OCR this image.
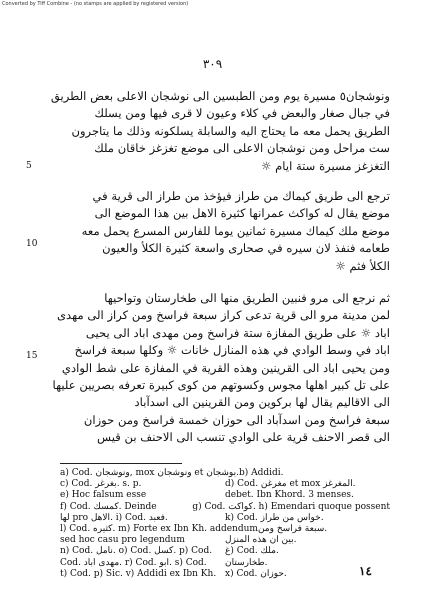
Converted by Tiff Combine - (no stamps are applied by registered version)
٣٠٩
ونوشجان٥ مسيرة يوم ومن الطبسين الى نوشجان الاعلى بعض الطريق
في جبال صغار والبعض في كلاء وعيون لا قرى فيها ومن يسلك
الطريق يحمل معه ما يحتاج اليه والسابلة يسلكونه وذلك ما يتاجرون
ست مراحل ومن نوشجان الاعلى الى موضع تغزغز خاقان ملك
التغزغز مسيرة ستة ايام ☼
5
ترجع الى طريق كيماك من طراز فيؤخذ من طراز الى قرية في
موضع يقال له كواكث عمرانها كثيرة الاهل بين هذا الموضع الى
موضع ملك كيماك مسيرة ثمانين يوما للفارس المسرع يحمل معه
طعامه فنفذ لان سيره في صحارى واسعة كثيرة الكلأ والعيون
الكلأ فثم ☼
10
ثم نرجع الى مرو فنبين الطريق منها الى طخارستان وتواحيها
لمن مدينة مرو الى قرية تدعى كراز سبعة فراسخ ومن كراز الى مهدى
اباد ☼ على طريق المفازة ستة فراسخ ومن مهدى اباد الى يحيى
اباد في وسط الوادي في هذه المنازل خانات ☼ وكلها سبعة فراسخ
ومن يحيى اباد الى القرينين وهذه القرية في المفازة على شط الوادي
على تل كبير اهلها مجوس وكسوتهم من كوى كبيرة تعرفه بصريين عليها
الى الاقاليم يقال لها بركوين ومن القرينين الى اسدآباد
سبعة فراسخ ومن اسدآباد الى حوزان خمسة فراسخ ومن حوزان
الى قصر الاحنف قرية على الوادي تنسب الى الاحنف بن قيس
15
a) Cod. ونوشجان, mox ونوشجان et بوشجان. b) Addidi.
c) Cod. بغرغر. s. p.	d) Cod. مغرغن et mox المغرغز.
e) Hoc falsum esse	debet. Ibn Khord. 3 menses.
f) Cod. كمسك. Deinde	g) Cod. كواكت. h) Emendari quoque possent
لها pro الاهل. i) Cod. فعبد.	k) Cod. خواس من طراز.
l) Cod. كثيره. m) Forte ex Ibn Kh. addendum سبعة فراسخ ومن.
sed hoc casu pro legendum	بين ان هذه المنزل.
n) Cod. نامل. o) Cod. كسل. p) Cod.	غ) Cod. ملك.
Cod. مهدى اباد. r) Cod. ابو. s) Cod.	طخارستان.
t) Cod. p) Sic. v) Addidi ex Ibn Kh. x) Cod. حوزان.	١٤
